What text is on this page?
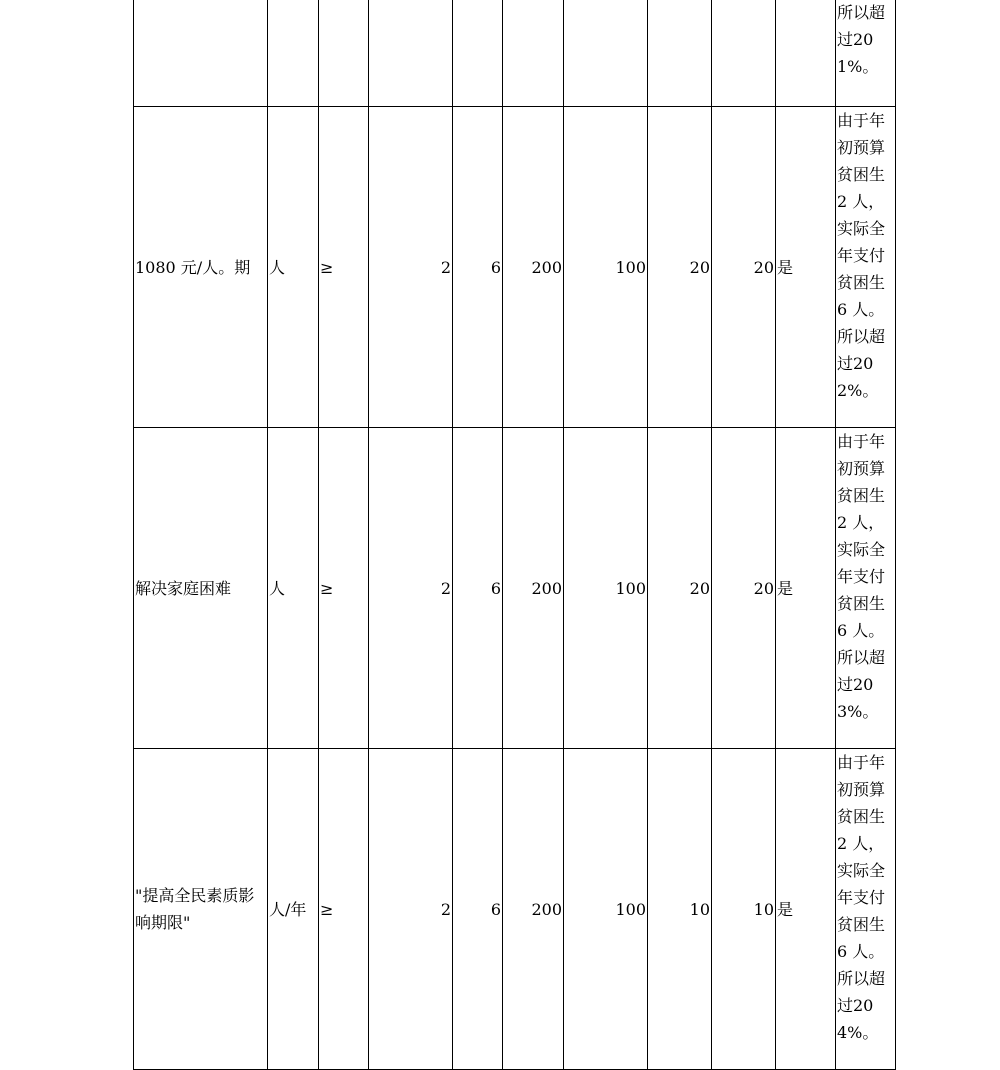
										所以超过201%。
1080 元/人。期	人	≥	2	6	200	100	20	20	是	由于年初预算贫困生2 人，实际全年支付贫困生6 人。所以超过202%。
解决家庭困难	人	≥	2	6	200	100	20	20	是	由于年初预算贫困生2 人，实际全年支付贫困生6 人。所以超过203%。
"提高全民素质影响期限"	人/年	≥	2	6	200	100	10	10	是	由于年初预算贫困生2 人，实际全年支付贫困生6 人。所以超过204%。
